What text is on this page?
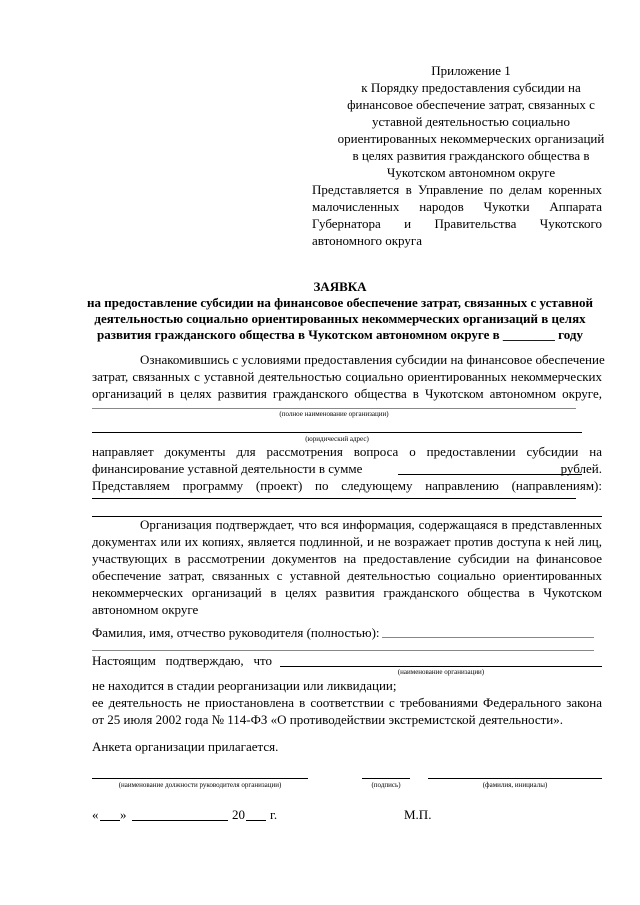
Приложение 1
к Порядку предоставления субсидии на
финансовое обеспечение затрат, связанных с
уставной деятельностью социально
ориентированных некоммерческих организаций
в целях развития гражданского общества в
Чукотском автономном округе
Представляется в Управление по делам коренных
малочисленных народов Чукотки Аппарата
Губернатора и Правительства Чукотского
автономного округа
ЗАЯВКА
на предоставление субсидии на финансовое обеспечение затрат, связанных с уставной
деятельностью социально ориентированных некоммерческих организаций в целях
развития гражданского общества в Чукотском автономном округе в ________ году
Ознакомившись с условиями предоставления субсидии на финансовое обеспечение
затрат, связанных с уставной деятельностью социально ориентированных некоммерческих
организаций в целях развития гражданского общества в Чукотском автономном округе,
(полное наименование организации)
(юридический адрес)
направляет документы для рассмотрения вопроса о предоставлении субсидии на
финансирование уставной деятельности в сумме	рублей.
Представляем программу (проект) по следующему направлению (направлениям):
Организация подтверждает, что вся информация, содержащаяся в представленных
документах или их копиях, является подлинной, и не возражает против доступа к ней лиц,
участвующих в рассмотрении документов на предоставление субсидии на финансовое
обеспечение затрат, связанных с уставной деятельностью социально ориентированных
некоммерческих организаций в целях развития гражданского общества в Чукотском
автономном округе
Фамилия, имя, отчество руководителя (полностью):
Настоящим подтверждаю, что
(наименование организации)
не находится в стадии реорганизации или ликвидации;
ее деятельность не приостановлена в соответствии с требованиями Федерального закона
от 25 июля 2002 года № 114-ФЗ «О противодействии экстремистской деятельности».
Анкета организации прилагается.
(наименование должности руководителя организации)	(подпись)	(фамилия, инициалы)
« »	20 г.	М.П.
